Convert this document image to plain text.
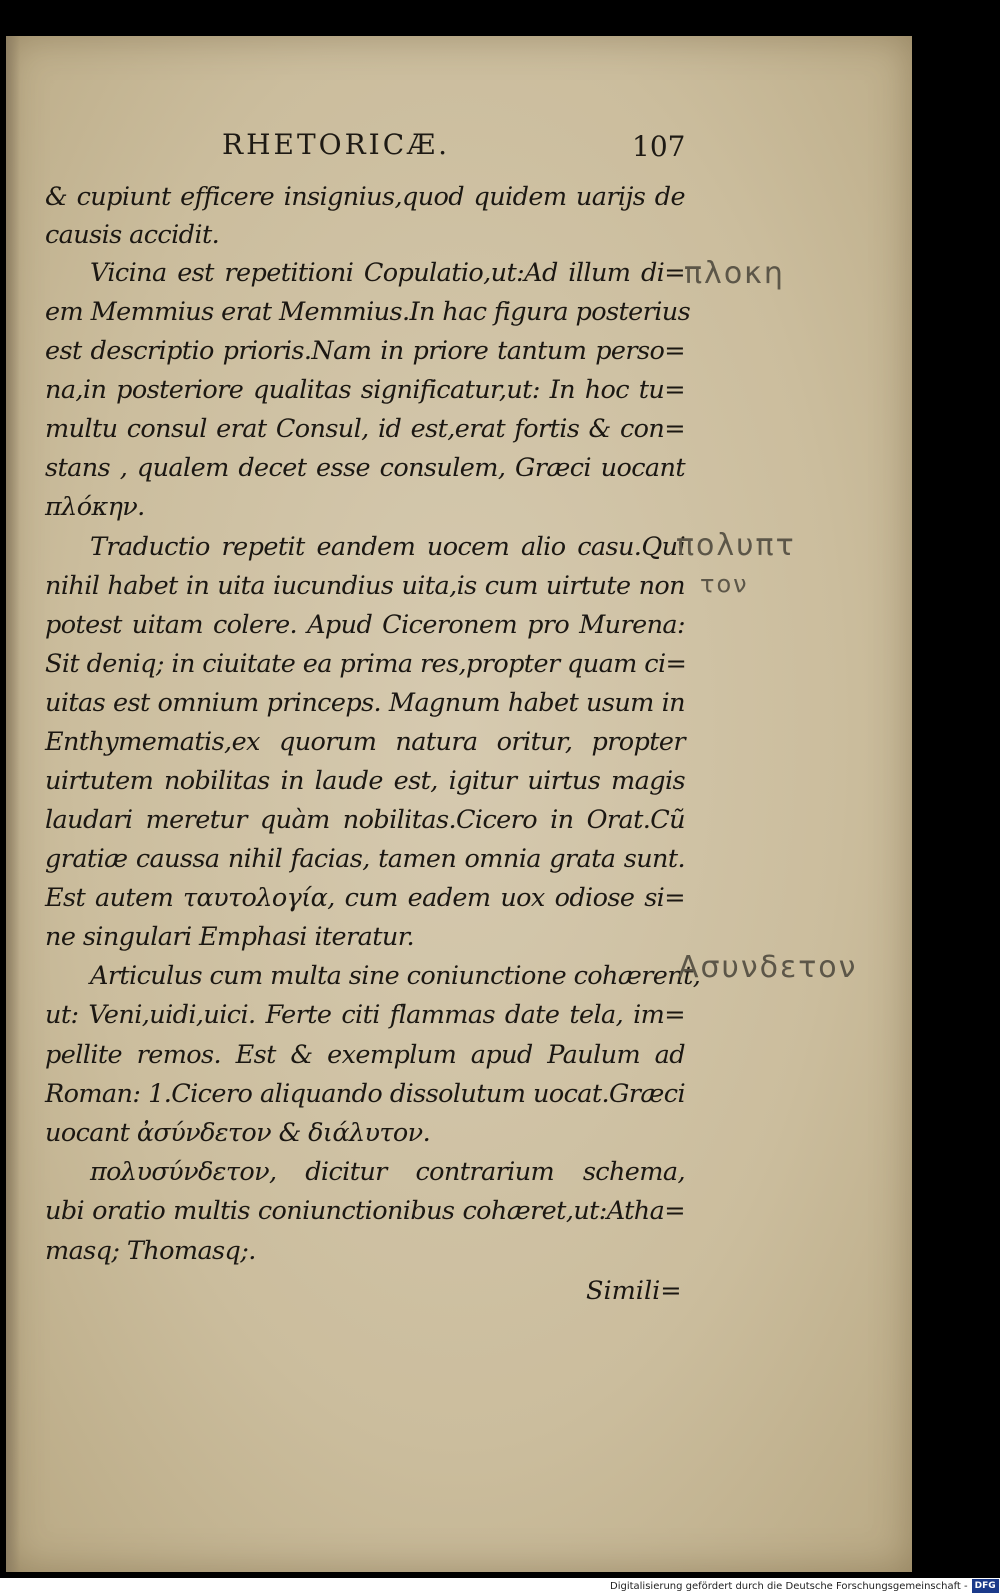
RHETORICÆ.	107
& cupiunt efficere insignius,quod quidem uarijs de
causis accidit.
Vicina est repetitioni Copulatio,ut:Ad illum di=
em Memmius erat Memmius.In hac figura posterius
est descriptio prioris.Nam in priore tantum perso=
na,in posteriore qualitas significatur,ut: In hoc tu=
multu consul erat Consul, id est,erat fortis & con=
stans , qualem decet esse consulem, Græci uocant
πλόκην.
Traductio repetit eandem uocem alio casu.Qui
nihil habet in uita iucundius uita,is cum uirtute non
potest uitam colere. Apud Ciceronem pro Murena:
Sit deniq; in ciuitate ea prima res,propter quam ci=
uitas est omnium princeps. Magnum habet usum in
Enthymematis,ex quorum natura oritur, propter
uirtutem nobilitas in laude est, igitur uirtus magis
laudari meretur quàm nobilitas.Cicero in Orat.Cũ
gratiæ caussa nihil facias, tamen omnia grata sunt.
Est autem ταυτολογία, cum eadem uox odiose si=
ne singulari Emphasi iteratur.
Articulus cum multa sine coniunctione cohærent,
ut: Veni,uidi,uici. Ferte citi flammas date tela, im=
pellite remos. Est & exemplum apud Paulum ad
Roman: 1.Cicero aliquando dissolutum uocat.Græci
uocant ἀσύνδετον & διάλυτον.
πολυσύνδετον, dicitur contrarium schema,
ubi oratio multis coniunctionibus cohæret,ut:Atha=
masq; Thomasq;.
Simili=
πλοκη
πολυπτ
τον
Ασυνδετον
Digitalisierung gefördert durch die Deutsche Forschungsgemeinschaft - DFG
